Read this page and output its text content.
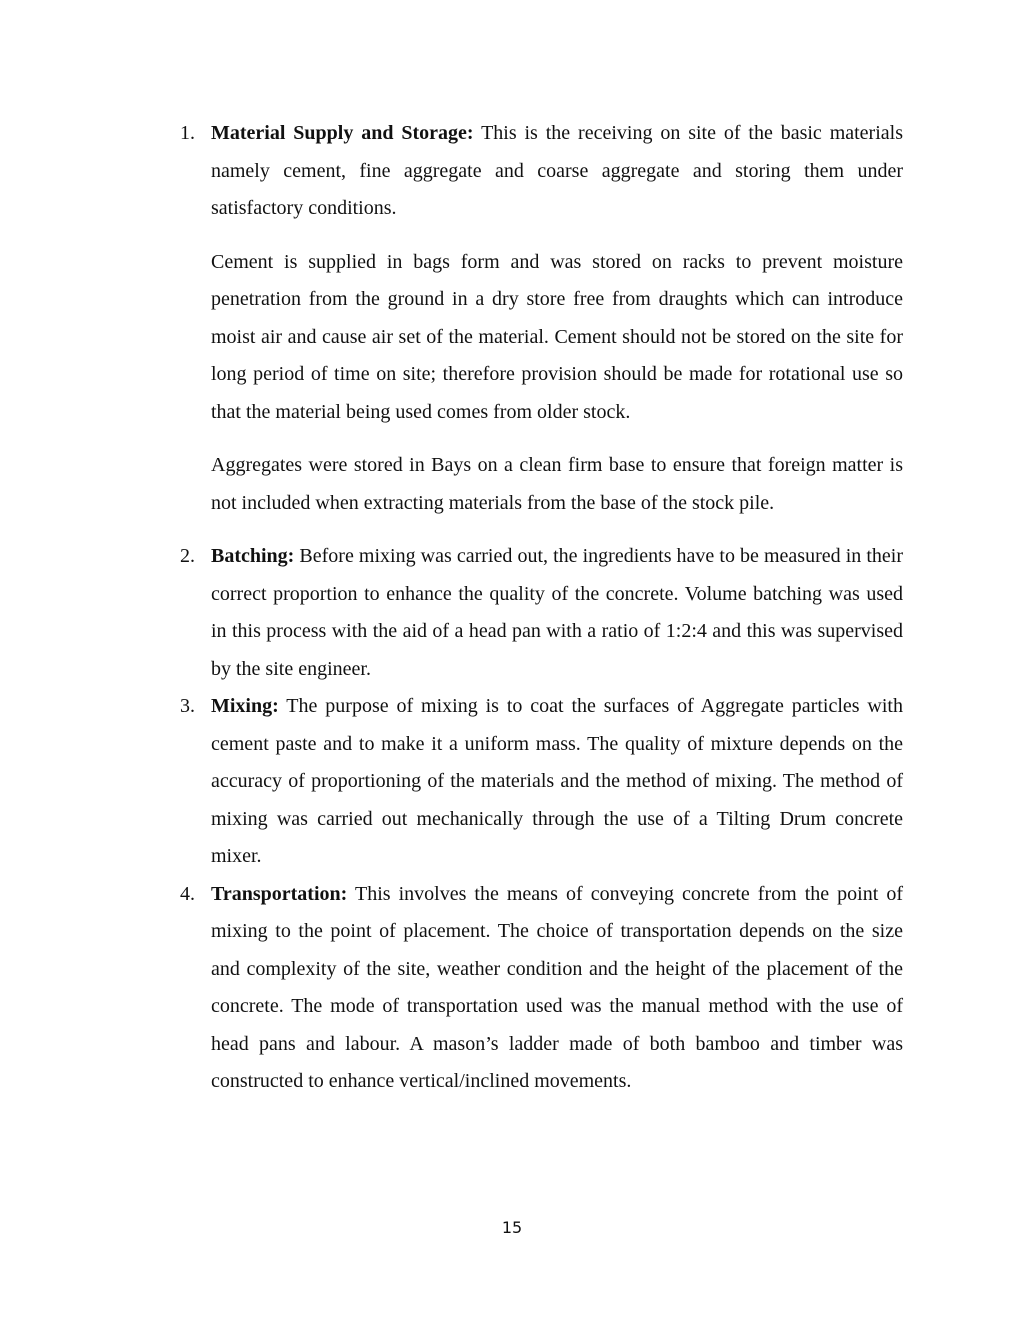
1. Material Supply and Storage: This is the receiving on site of the basic materials namely cement, fine aggregate and coarse aggregate and storing them under satisfactory conditions.

Cement is supplied in bags form and was stored on racks to prevent moisture penetration from the ground in a dry store free from draughts which can introduce moist air and cause air set of the material. Cement should not be stored on the site for long period of time on site; therefore provision should be made for rotational use so that the material being used comes from older stock.

Aggregates were stored in Bays on a clean firm base to ensure that foreign matter is not included when extracting materials from the base of the stock pile.

2. Batching: Before mixing was carried out, the ingredients have to be measured in their correct proportion to enhance the quality of the concrete. Volume batching was used in this process with the aid of a head pan with a ratio of 1:2:4 and this was supervised by the site engineer.

3. Mixing: The purpose of mixing is to coat the surfaces of Aggregate particles with cement paste and to make it a uniform mass. The quality of mixture depends on the accuracy of proportioning of the materials and the method of mixing. The method of mixing was carried out mechanically through the use of a Tilting Drum concrete mixer.

4. Transportation: This involves the means of conveying concrete from the point of mixing to the point of placement. The choice of transportation depends on the size and complexity of the site, weather condition and the height of the placement of the concrete. The mode of transportation used was the manual method with the use of head pans and labour. A mason’s ladder made of both bamboo and timber was constructed to enhance vertical/inclined movements.

15
